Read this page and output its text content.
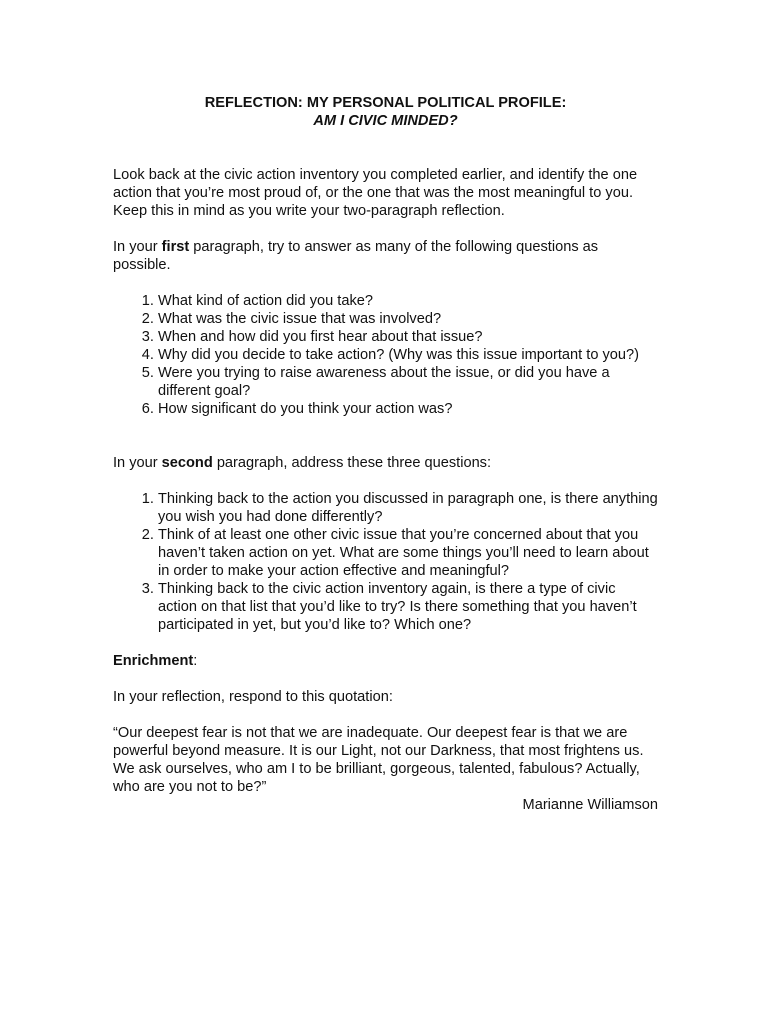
REFLECTION: MY PERSONAL POLITICAL PROFILE:

AM I CIVIC MINDED?

Look back at the civic action inventory you completed earlier, and identify the one action that you’re most proud of, or the one that was the most meaningful to you. Keep this in mind as you write your two-paragraph reflection.

In your first paragraph, try to answer as many of the following questions as possible.

1. What kind of action did you take?
2. What was the civic issue that was involved?
3. When and how did you first hear about that issue?
4. Why did you decide to take action? (Why was this issue important to you?)
5. Were you trying to raise awareness about the issue, or did you have a different goal?
6. How significant do you think your action was?

In your second paragraph, address these three questions:

1. Thinking back to the action you discussed in paragraph one, is there anything you wish you had done differently?
2. Think of at least one other civic issue that you’re concerned about that you haven’t taken action on yet. What are some things you’ll need to learn about in order to make your action effective and meaningful?
3. Thinking back to the civic action inventory again, is there a type of civic action on that list that you’d like to try? Is there something that you haven’t participated in yet, but you’d like to? Which one?

Enrichment:

In your reflection, respond to this quotation:

“Our deepest fear is not that we are inadequate. Our deepest fear is that we are powerful beyond measure. It is our Light, not our Darkness, that most frightens us. We ask ourselves, who am I to be brilliant, gorgeous, talented, fabulous? Actually, who are you not to be?”

Marianne Williamson
